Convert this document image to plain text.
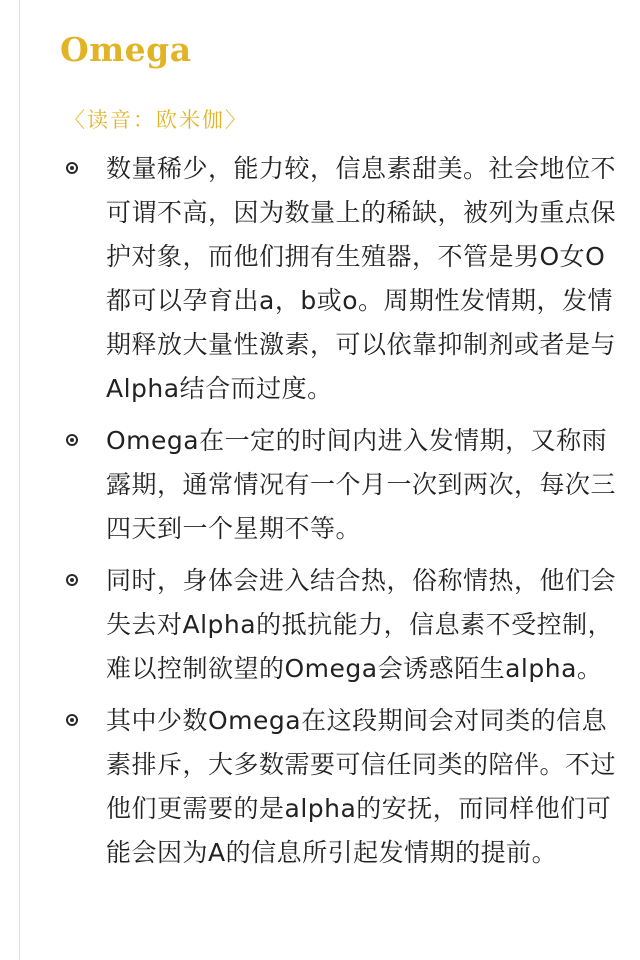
Omega
〈读音：欧米伽〉
数量稀少，能力较，信息素甜美。社会地位不可谓不高，因为数量上的稀缺，被列为重点保护对象，而他们拥有生殖器，不管是男O女O都可以孕育出a，b或o。周期性发情期，发情期释放大量性激素，可以依靠抑制剂或者是与Alpha结合而过度。
Omega在一定的时间内进入发情期，又称雨露期，通常情况有一个月一次到两次，每次三四天到一个星期不等。
同时，身体会进入结合热，俗称情热，他们会失去对Alpha的抵抗能力，信息素不受控制，难以控制欲望的Omega会诱惑陌生alpha。
其中少数Omega在这段期间会对同类的信息素排斥，大多数需要可信任同类的陪伴。不过他们更需要的是alpha的安抚，而同样他们可能会因为A的信息所引起发情期的提前。
